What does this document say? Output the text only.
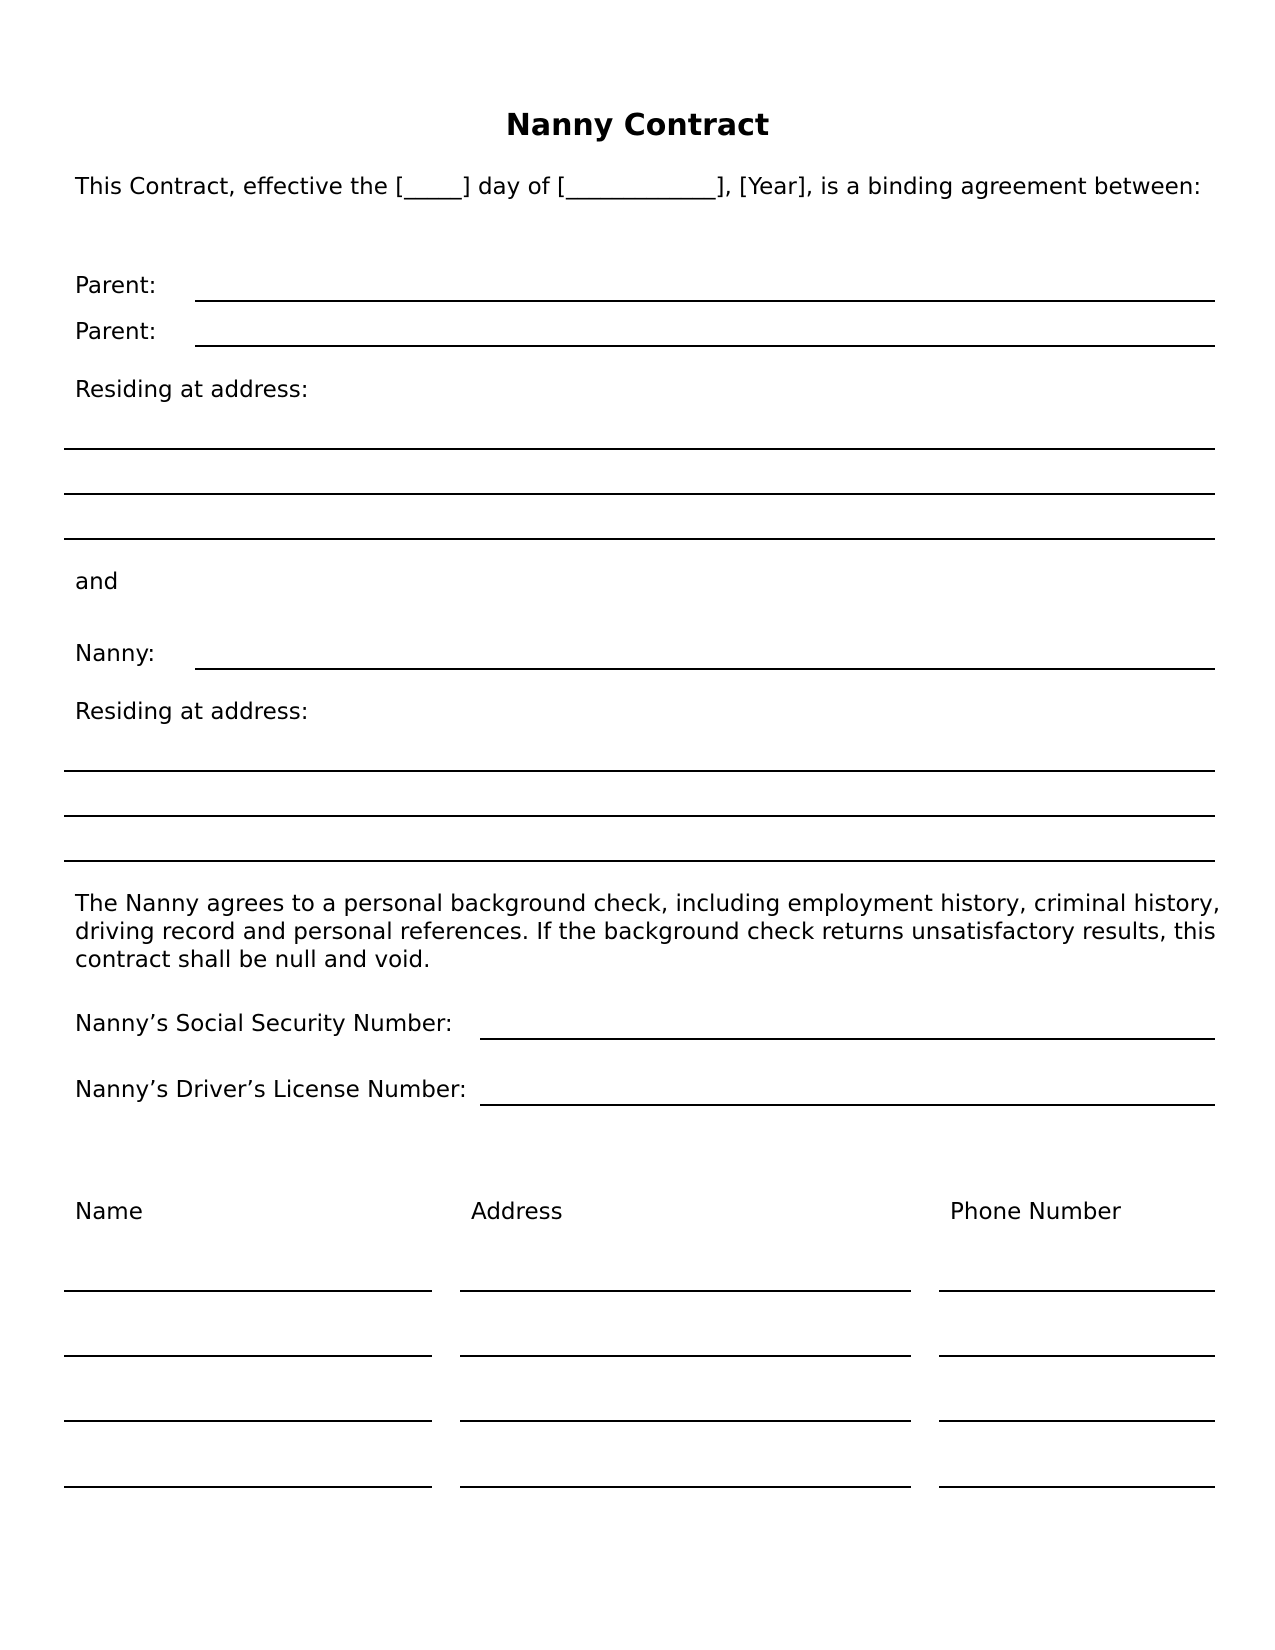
Nanny Contract
This Contract, effective the [_____] day of [_____________], [Year], is a binding agreement between:
Parent:
Parent:
Residing at address:
and
Nanny:
Residing at address:
The Nanny agrees to a personal background check, including employment history, criminal history, driving record and personal references. If the background check returns unsatisfactory results, this contract shall be null and void.
Nanny’s Social Security Number:
Nanny’s Driver’s License Number:
Name	Address	Phone Number
